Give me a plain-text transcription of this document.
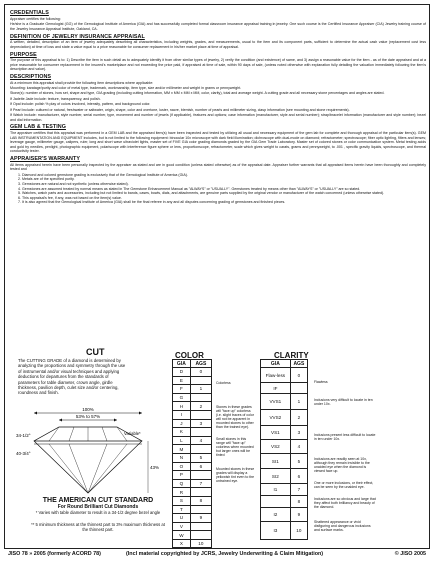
CREDENTIALS

Appraiser certifies the following:

He/she is a Graduate Gemologist (GG) of the Gemological Institute of America (GIA) and has successfully completed formal classroom insurance appraisal training in jewelry. One such course is the Certified Insurance Appraiser (CIA) Jewelry training course of the Jewelry Insurance Appraisal Institute, Oakland, CA.

DEFINITION OF JEWELRY INSURANCE APPRAISAL

A written, detailed, description of an item of jewelry adequately describing all characteristics, including weights, grades, and measurements, usual to the item and its component parts, sufficient to determine the actual cash value (replacement cost less depreciation) at time of loss and state a value equal to a price reasonable for consumer replacement in his/her market place at time of appraisal.

PURPOSE

The purpose of this appraisal is to: 1) Describe the item in such detail as to adequately identify it from other similar types of jewelry, 2) verify the condition (and existence) of same, and 3) assign a reasonable value for the item - as of the date appraised and at a price reasonable for consumer replacement in the insured's marketplace and not exceeding the price paid, if appraised at time of sale, within 90 days of sale, (unless noted otherwise with explanation fully detailing the valuation immediately following the item's description and value).

DESCRIPTIONS

At a minimum this appraisal shall provide the following item descriptions where applicable:

Mounting: karatage/purity and color of metal type, trademark, workmanship, item type, size and/or millimeter and weight in grams or pennyweight.

Stone(s): number of stones, how set, shape and type, GIA grading (including cutting information, MM x MM x MM x MM, color, clarity), total and average weight. A cutting grade and all necessary stone percentages and angles are stated.

If Jadeite Jade include: texture, transparency, and polish.

If Opal include: polish % play of colors involved, intensity, pattern, and background color.

If Pearl include: cultured or natural, freshwater or saltwater, origin, shape, color and overtone, luster, nacre, blemish, number of pearls and millimeter sizing, clasp information (see mounting and stone requirements).

If Watch include: manufacturer, style number, serial number, type, movement and number of jewels (if applicable), features and options; case information (manufacturer, style and serial number); strap/bracelet information (manufacturer and style number); bezel and dial information.

GEM LAB & TESTING

The appraiser certifies that this appraisal was performed in a GEM LAB and the appraised item(s) have been inspected and tested by utilizing all usual and necessary equipment of the gem lab for complete and thorough appraisal of the particular item(s). GEM LAB INSTRUMENTATION AND EQUIPMENT includes, but is not limited to the following equipment: binocular 10x microscope with dark field illumination; dichroscope with dual-mode on diamond; refractometer; spectroscope; fiber optic lighting, filters and lenses; leverage gauge, millimeter gauge, calipers, ruler, long and short wave ultraviolet lights, master set of FIVE GIA color grading diamonds graded by the GIA Gem Trade Laboratory. Master set of colored stones or color communication system. Metal testing acids and gold try needles, penlight, photographic equipment, polariscope with interference figure sphere or lens, proportionscope, refractometer, scale which gives weight to carats, grams and pennyweight, to .001 , specific gravity liquids, spectroscope, and thermal conductivity tester.

APPRAISER'S WARRANTY

All items appraised herein have been personally inspected by the appraiser as stated and are in good condition (unless stated otherwise) as of the appraisal date. Appraiser further warrants that all appraised items herein have been thoroughly and completely tested and

1. Diamond and colored gemstone grading is exclusively that of the Gemological Institute of America (GIA).
2. Metals are of the specified purity.
3. Gemstones are natural and not synthetic (unless otherwise stated).
4. Gemstones are assumed treated by normal means as stated in The Gemstone Enhancement Manual as "ALWAYS" or "USUALLY". Gemstones treated by means other than "ALWAYS" or "USUALLY" are so stated.
5. Watches, watch parts and accessories, including but not limited to bands, cases, bowls, dials, and attachments, are genuine parts supplied by the original vendor or manufacturer of the watch concerned (unless otherwise stated).
6. This appraisal's fee, if any, was not based on the item(s) value.
7. It is also agreed that the Gemological Institute of America (GIA) shall be the final referee in any and all disputes concerning grading of gemstones and finished pieces.
CUT
The CUTTING GRADE of a diamond is determined by analyzing the proportions and symmetry through the use of instrumental and/or visual techniques and applying deductions for departures from the standards of parameters for table diameter, crown angle, girdle thickness, pavilion depth, culet size and/or centering, roundness and finish.
100%
53% to 57%
43%
34-1/2°
40-3/4°
Variable*
THE AMERICAN CUT STANDARD
For Round Brilliant Cut Diamonds
* Varies with table diameter to result in a 34-1/2 degree bezel angle
** 5 minimum thickness at the thinnest part to 3% maximum thickness at the thinnest part.
COLOR
GIA	AGS
D	0
E	
F	1
G	
H	2
I	
J	3
K	
L	4
M	
N	5
O	6
P	
Q	7
R	
S	8
T	
U	9
V	
W	
X	10
Colorless
Stones in these grades will "face up" colorless (i.e. slight traces of color will not be apparent in mounted stones to other than the trained eye).
Small stones in this range will "face up" colorless when mounted but larger ones will be tinted
Mounted stones in these grades will display a yellowish tint even to the untrained eye.
CLARITY
GIA	AGS
Flaw-less	0
IF	
VVS1	1
VVS2	2
VS1	3
VS2	4
SI1	5
SI2	6
I1	7
	8
I2	9
I3	10
Flawless
Inclusions very difficult to locate in ten under 10x.
Inclusions present less difficult to locate in ten under 10x.
Inclusions are readily seen at 10x, although they remain invisible to the unaided eye when the diamond is viewed face up.
One or more inclusions, or their effect, can be seen by the unaided eye.
Inclusions are so obvious and large that they affect both brilliancy and beauty of the diamond.
Shattered appearance or vivid disfiguring and dangerous inclusions and surface marks.
JISO 78 » 2005 (formerly ACORD 78)	(Incl material copyrighted by JCRS, Jewelry Underwriting & Claim Mitigation)	© JISO 2005
